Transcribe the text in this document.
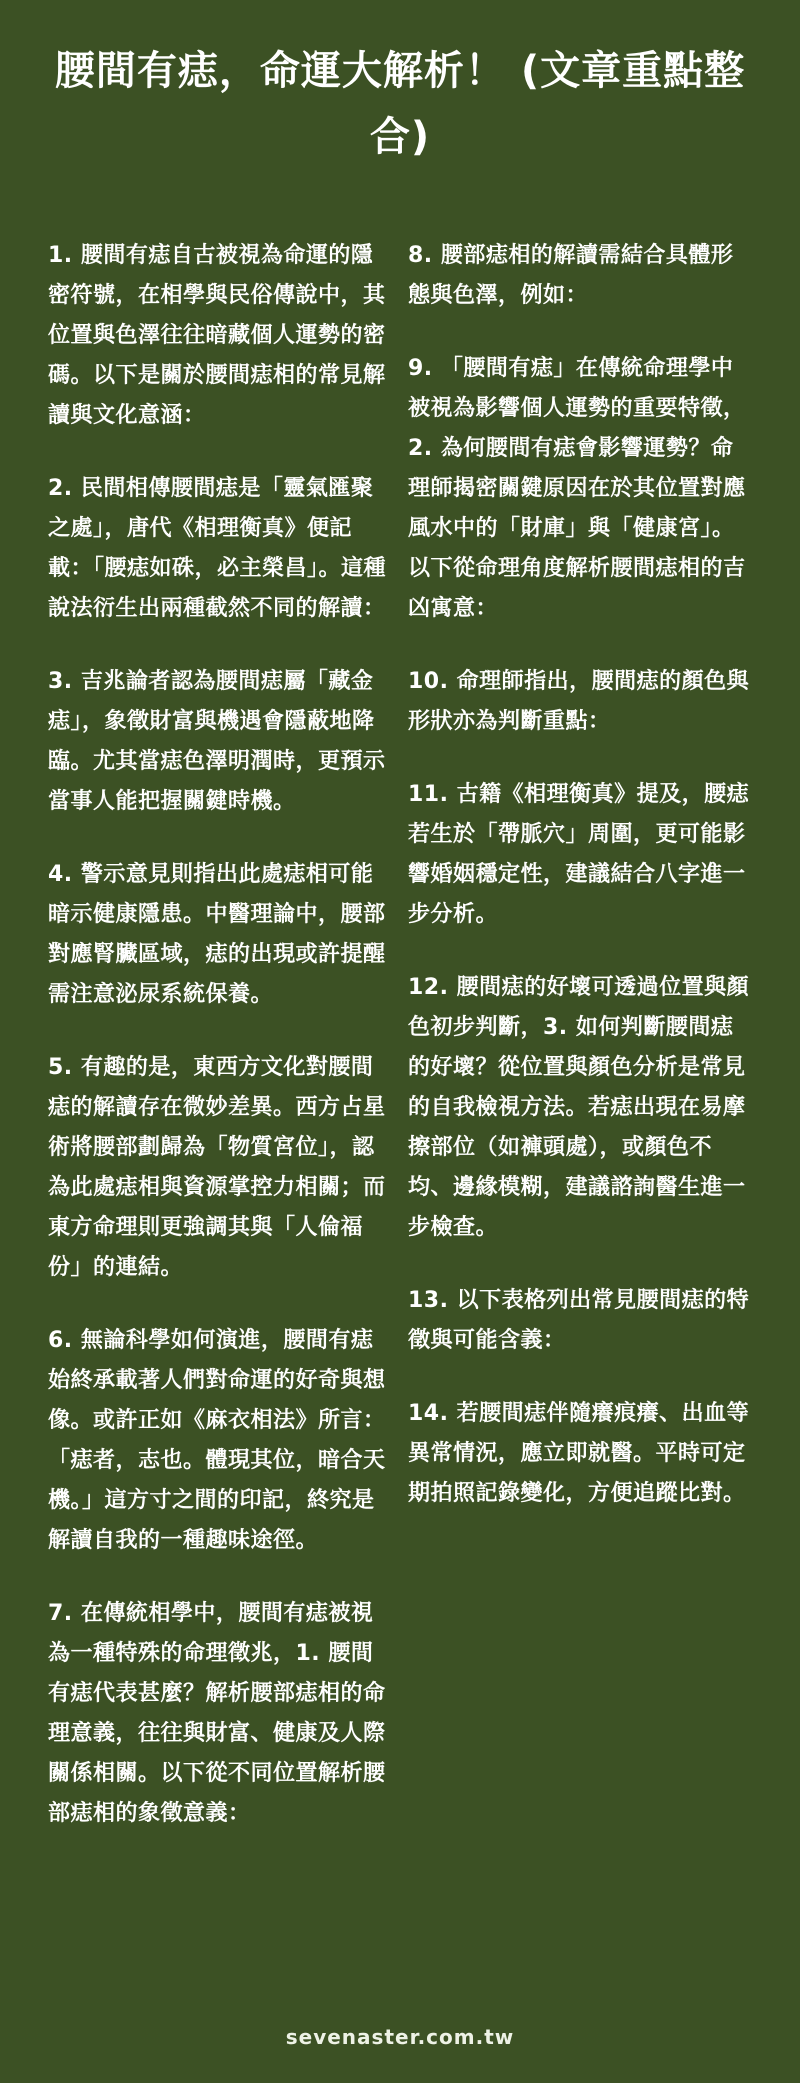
腰間有痣，命運大解析！ (文章重點整合)

1. 腰間有痣自古被視為命運的隱密符號，在相學與民俗傳說中，其位置與色澤往往暗藏個人運勢的密碼。以下是關於腰間痣相的常見解讀與文化意涵：

2. 民間相傳腰間痣是「靈氣匯聚之處」，唐代《相理衡真》便記載：「腰痣如硃，必主榮昌」。這種說法衍生出兩種截然不同的解讀：

3. 吉兆論者認為腰間痣屬「藏金痣」，象徵財富與機遇會隱蔽地降臨。尤其當痣色澤明潤時，更預示當事人能把握關鍵時機。

4. 警示意見則指出此處痣相可能暗示健康隱患。中醫理論中，腰部對應腎臟區域，痣的出現或許提醒需注意泌尿系統保養。

5. 有趣的是，東西方文化對腰間痣的解讀存在微妙差異。西方占星術將腰部劃歸為「物質宮位」，認為此處痣相與資源掌控力相關；而東方命理則更強調其與「人倫福份」的連結。

6. 無論科學如何演進，腰間有痣始終承載著人們對命運的好奇與想像。或許正如《麻衣相法》所言：「痣者，志也。體現其位，暗合天機。」這方寸之間的印記，終究是解讀自我的一種趣味途徑。

7. 在傳統相學中，腰間有痣被視為一種特殊的命理徵兆，1. 腰間有痣代表甚麼？解析腰部痣相的命理意義，往往與財富、健康及人際關係相關。以下從不同位置解析腰部痣相的象徵意義：

8. 腰部痣相的解讀需結合具體形態與色澤，例如：

9. 「腰間有痣」在傳統命理學中被視為影響個人運勢的重要特徵，2. 為何腰間有痣會影響運勢？命理師揭密關鍵原因在於其位置對應風水中的「財庫」與「健康宮」。以下從命理角度解析腰間痣相的吉凶寓意：

10. 命理師指出，腰間痣的顏色與形狀亦為判斷重點：

11. 古籍《相理衡真》提及，腰痣若生於「帶脈穴」周圍，更可能影響婚姻穩定性，建議結合八字進一步分析。

12. 腰間痣的好壞可透過位置與顏色初步判斷，3. 如何判斷腰間痣的好壞？從位置與顏色分析是常見的自我檢視方法。若痣出現在易摩擦部位（如褲頭處），或顏色不均、邊緣模糊，建議諮詢醫生進一步檢查。

13. 以下表格列出常見腰間痣的特徵與可能含義：

14. 若腰間痣伴隨癢痕癢、出血等異常情況，應立即就醫。平時可定期拍照記錄變化，方便追蹤比對。

sevenaster.com.tw
